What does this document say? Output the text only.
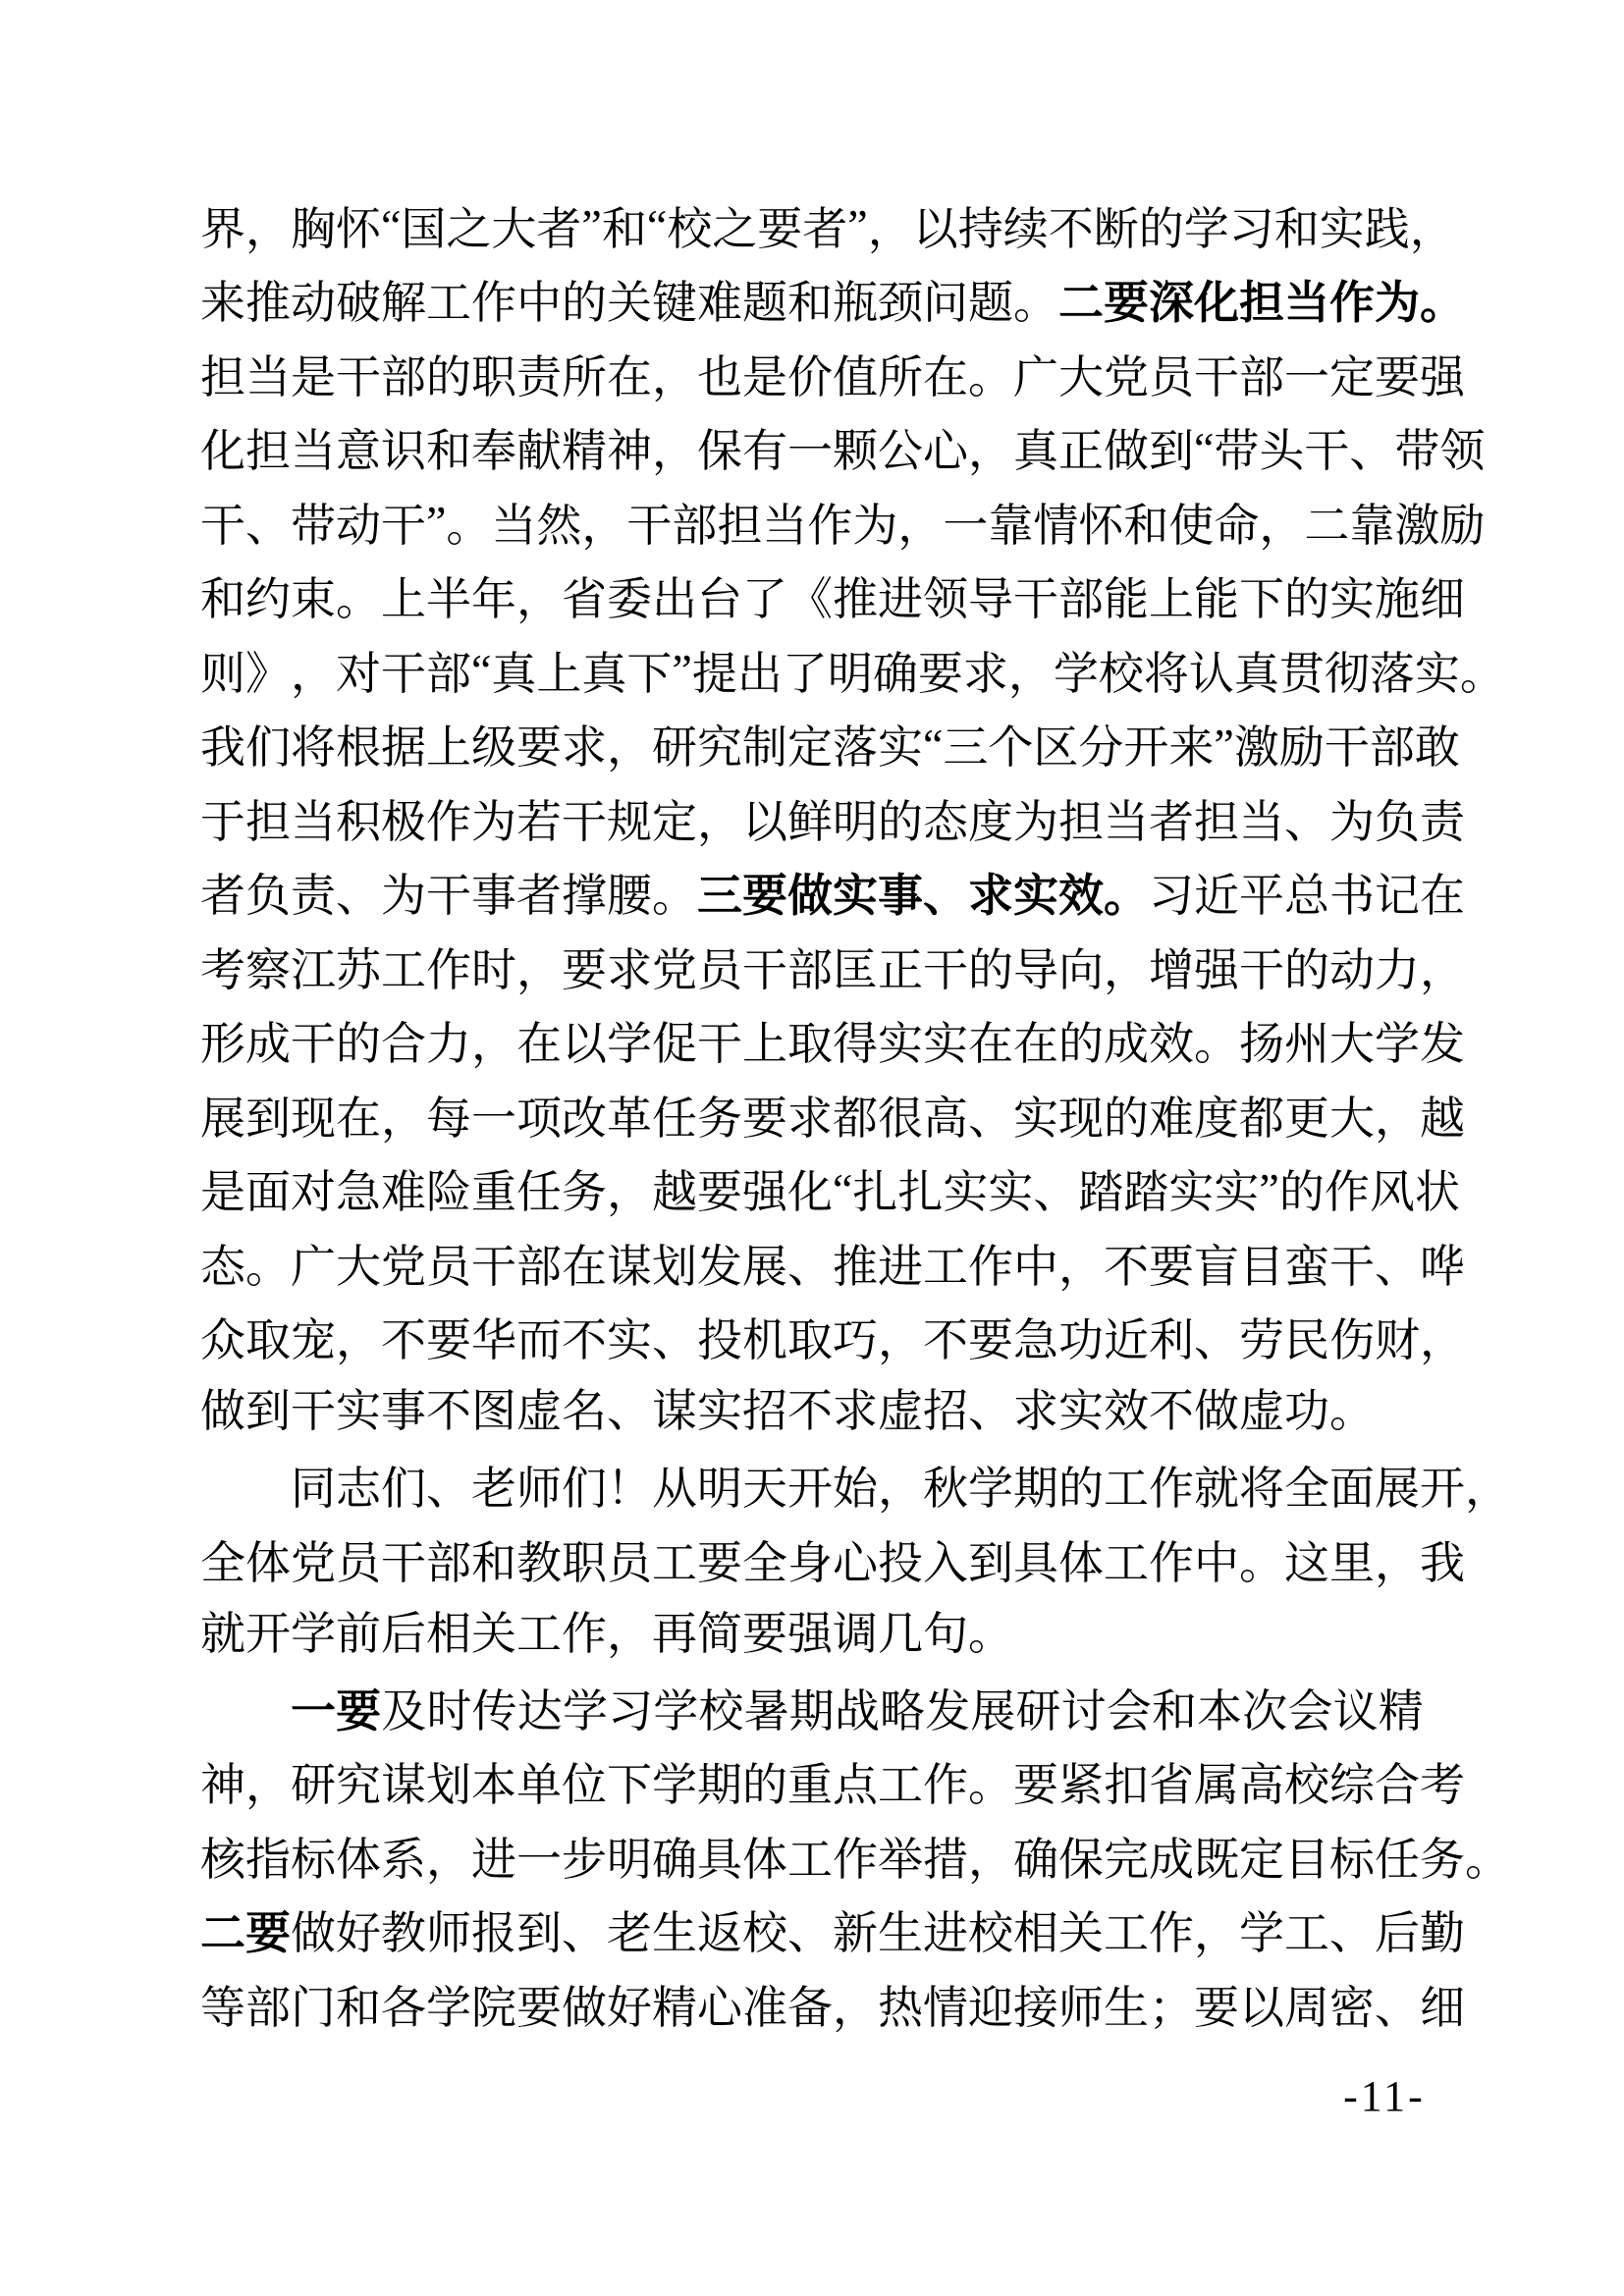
界 ， 胸 怀 “ 国 之 大 者 ” 和 “ 校 之 要 者 ” ， 以 持 续 不 断 的 学 习 和 实 践 ，
来 推 动 破 解 工 作 中 的 关 键 难 题 和 瓶 颈 问 题 。 二 要 深 化 担 当 作 为 。
担 当 是 干 部 的 职 责 所 在 ， 也 是 价 值 所 在 。 广 大 党 员 干 部 一 定 要 强
化 担 当 意 识 和 奉 献 精 神 ， 保 有 一 颗 公 心 ， 真 正 做 到 “ 带 头 干 、 带 领
干 、 带 动 干 ” 。 当 然 ， 干 部 担 当 作 为 ， 一 靠 情 怀 和 使 命 ， 二 靠 激 励
和 约 束 。 上 半 年 ， 省 委 出 台 了 《 推 进 领 导 干 部 能 上 能 下 的 实 施 细
则 》 ， 对 干 部 “ 真 上 真 下 ” 提 出 了 明 确 要 求 ， 学 校 将 认 真 贯 彻 落 实 。
我 们 将 根 据 上 级 要 求 ， 研 究 制 定 落 实 “ 三 个 区 分 开 来 ” 激 励 干 部 敢
于 担 当 积 极 作 为 若 干 规 定 ， 以 鲜 明 的 态 度 为 担 当 者 担 当 、 为 负 责
者 负 责 、 为 干 事 者 撑 腰 。 三 要 做 实 事 、 求 实 效 。 习 近 平 总 书 记 在
考 察 江 苏 工 作 时 ， 要 求 党 员 干 部 匡 正 干 的 导 向 ， 增 强 干 的 动 力 ，
形 成 干 的 合 力 ， 在 以 学 促 干 上 取 得 实 实 在 在 的 成 效 。 扬 州 大 学 发
展 到 现 在 ， 每 一 项 改 革 任 务 要 求 都 很 高 、 实 现 的 难 度 都 更 大 ， 越
是 面 对 急 难 险 重 任 务 ， 越 要 强 化 “ 扎 扎 实 实 、 踏 踏 实 实 ” 的 作 风 状
态 。 广 大 党 员 干 部 在 谋 划 发 展 、 推 进 工 作 中 ， 不 要 盲 目 蛮 干 、 哗
众 取 宠 ， 不 要 华 而 不 实 、 投 机 取 巧 ， 不 要 急 功 近 利 、 劳 民 伤 财 ，
做到干实事不图虚名、谋实招不求虚招、求实效不做虚功。
同 志 们 、 老 师 们 ！ 从 明 天 开 始 ， 秋 学 期 的 工 作 就 将 全 面 展 开 ，
全 体 党 员 干 部 和 教 职 员 工 要 全 身 心 投 入 到 具 体 工 作 中 。 这 里 ， 我
就开学前后相关工作，再简要强调几句。
一 要 及 时 传 达 学 习 学 校 暑 期 战 略 发 展 研 讨 会 和 本 次 会 议 精
神 ， 研 究 谋 划 本 单 位 下 学 期 的 重 点 工 作 。 要 紧 扣 省 属 高 校 综 合 考
核 指 标 体 系 ， 进 一 步 明 确 具 体 工 作 举 措 ， 确 保 完 成 既 定 目 标 任 务 。
二 要 做 好 教 师 报 到 、 老 生 返 校 、 新 生 进 校 相 关 工 作 ， 学 工 、 后 勤
等 部 门 和 各 学 院 要 做 好 精 心 准 备 ， 热 情 迎 接 师 生 ； 要 以 周 密 、 细
-11-
